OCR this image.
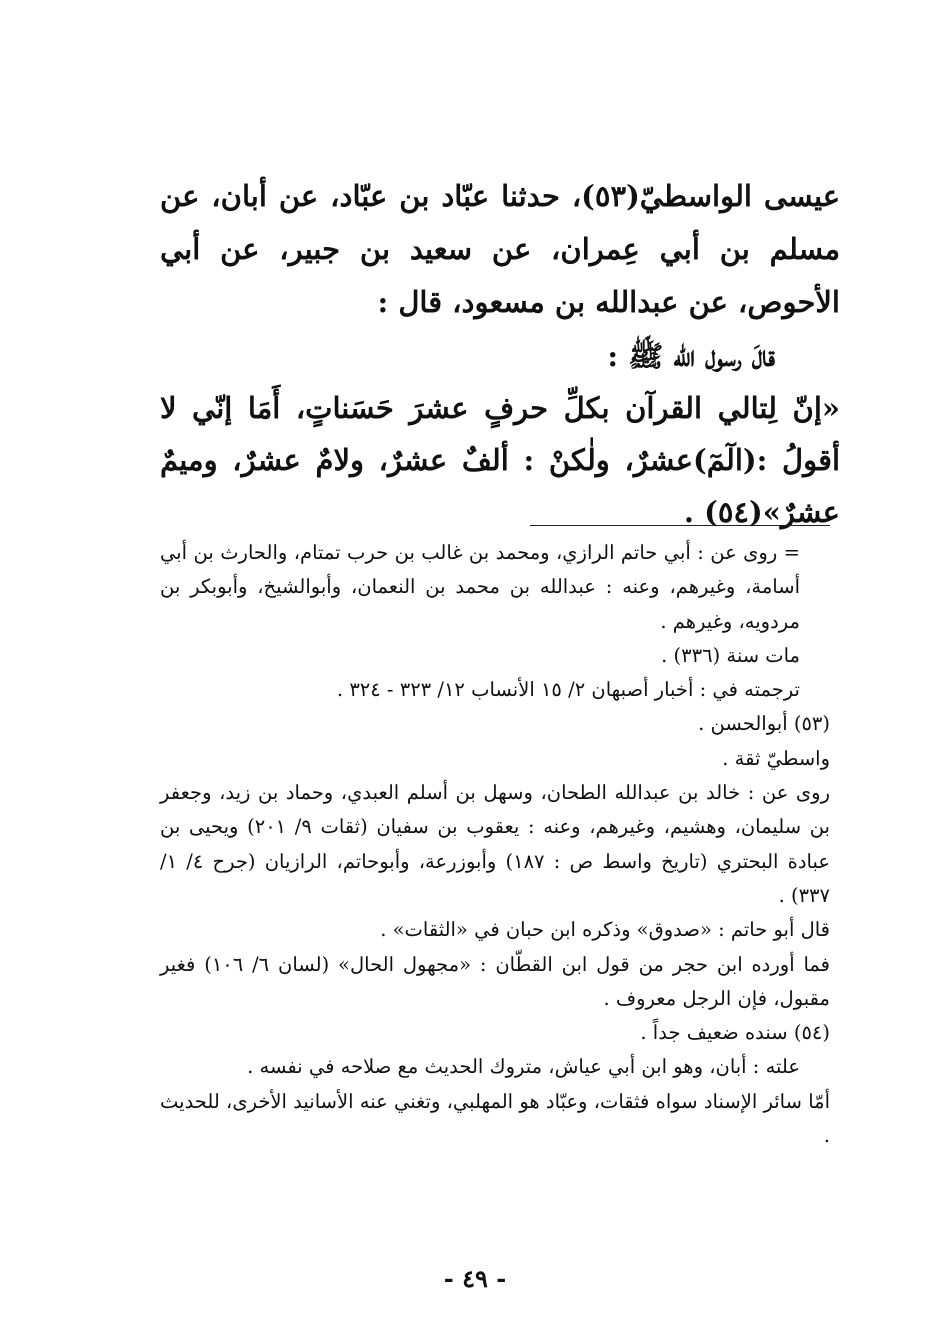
عيسى الواسطيّ(٥٣)، حدثنا عبّاد بن عبّاد، عن أبان، عن مسلم بن أبي عِمران، عن سعيد بن جبير، عن أبي الأحوص، عن عبدالله بن مسعود، قال :

قالَ رسول الله ﷺ :

«إنّ لِتالي القرآن بكلِّ حرفٍ عشرَ حَسَناتٍ، أَمَا إنّي لا أقولُ :(الٓمٓ)عشرٌ، ولٰكنْ : ألفٌ عشرٌ، ولامٌ عشرٌ، وميمٌ عشرٌ»(٥٤) .

= روى عن : أبي حاتم الرازي، ومحمد بن غالب بن حرب تمتام، والحارث بن أبي أسامة، وغيرهم، وعنه : عبدالله بن محمد بن النعمان، وأبوالشيخ، وأبوبكر بن مردويه، وغيرهم .

مات سنة (٣٣٦) .

ترجمته في : أخبار أصبهان ٢/ ١٥ الأنساب ١٢/ ٣٢٣ - ٣٢٤ .

(٥٣) أبوالحسن .

واسطيّ ثقة .

روى عن : خالد بن عبدالله الطحان، وسهل بن أسلم العبدي، وحماد بن زيد، وجعفر بن سليمان، وهشيم، وغيرهم، وعنه : يعقوب بن سفيان (ثقات ٩/ ٢٠١) ويحيى بن عبادة البحتري (تاريخ واسط ص : ١٨٧) وأبوزرعة، وأبوحاتم، الرازيان (جرح ٤/ ١/ ٣٣٧) .

قال أبو حاتم : «صدوق» وذكره ابن حبان في «الثقات» .

فما أورده ابن حجر من قول ابن القطّان : «مجهول الحال» (لسان ٦/ ١٠٦) فغير مقبول، فإن الرجل معروف .

(٥٤) سنده ضعيف جداً .

علته : أبان، وهو ابن أبي عياش، متروك الحديث مع صلاحه في نفسه .

أمّا سائر الإسناد سواه فثقات، وعبّاد هو المهلبي، وتغني عنه الأسانيد الأخرى، للحديث .

- ٤٩ -
